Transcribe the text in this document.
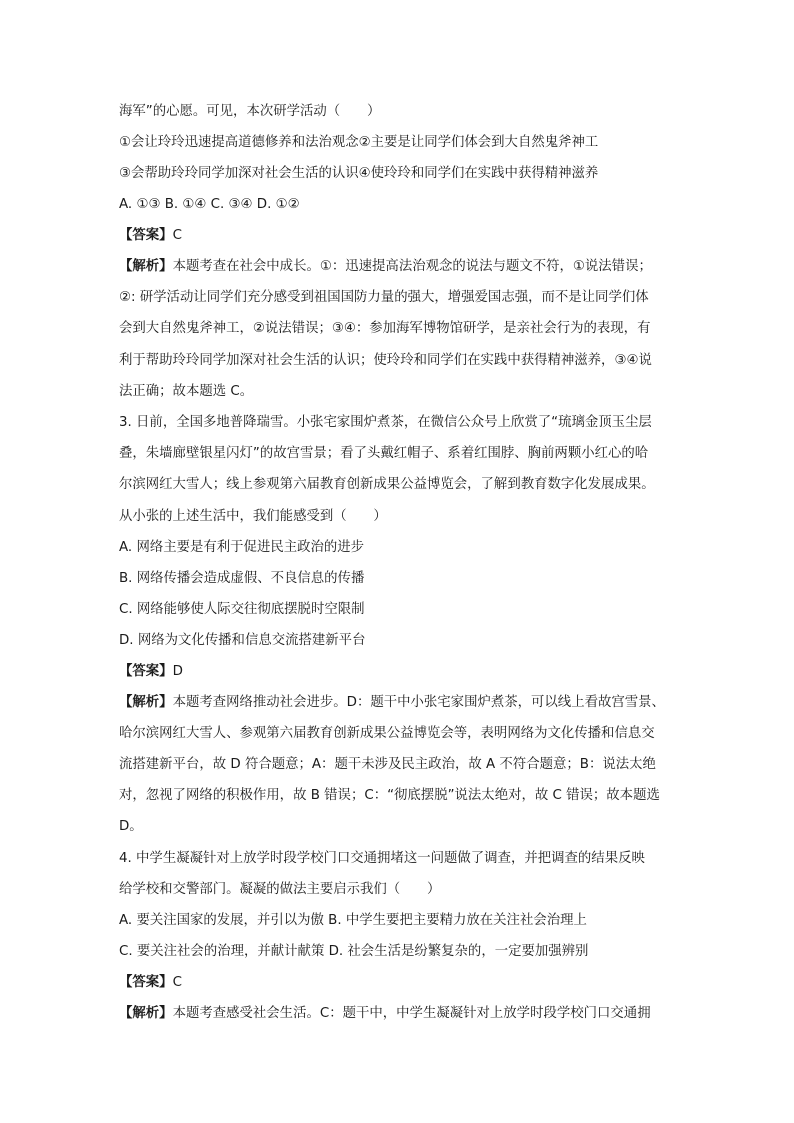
海军”的心愿。可见，本次研学活动（　　）
①会让玲玲迅速提高道德修养和法治观念②主要是让同学们体会到大自然鬼斧神工
③会帮助玲玲同学加深对社会生活的认识④使玲玲和同学们在实践中获得精神滋养
A. ①③ B. ①④ C. ③④ D. ①②
【答案】C
【解析】本题考查在社会中成长。①：迅速提高法治观念的说法与题文不符，①说法错误；
②: 研学活动让同学们充分感受到祖国国防力量的强大，增强爱国志强，而不是让同学们体
会到大自然鬼斧神工，②说法错误；③④：参加海军博物馆研学，是亲社会行为的表现，有
利于帮助玲玲同学加深对社会生活的认识；使玲玲和同学们在实践中获得精神滋养，③④说
法正确；故本题选 C。
3. 日前，全国多地普降瑞雪。小张宅家围炉煮茶，在微信公众号上欣赏了“琉璃金顶玉尘层
叠，朱墙廊壁银星闪灯”的故宫雪景；看了头戴红帽子、系着红围脖、胸前两颗小红心的哈
尔滨网红大雪人；线上参观第六届教育创新成果公益博览会，了解到教育数字化发展成果。
从小张的上述生活中，我们能感受到（　　）
A. 网络主要是有利于促进民主政治的进步
B. 网络传播会造成虚假、不良信息的传播
C. 网络能够使人际交往彻底摆脱时空限制
D. 网络为文化传播和信息交流搭建新平台
【答案】D
【解析】本题考查网络推动社会进步。D：题干中小张宅家围炉煮茶，可以线上看故宫雪景、
哈尔滨网红大雪人、参观第六届教育创新成果公益博览会等，表明网络为文化传播和信息交
流搭建新平台，故 D 符合题意；A：题干未涉及民主政治，故 A 不符合题意；B：说法太绝
对，忽视了网络的积极作用，故 B 错误；C：“彻底摆脱”说法太绝对，故 C 错误；故本题选
D。
4. 中学生凝凝针对上放学时段学校门口交通拥堵这一问题做了调查，并把调查的结果反映
给学校和交警部门。凝凝的做法主要启示我们（　　）
A. 要关注国家的发展，并引以为傲 B. 中学生要把主要精力放在关注社会治理上
C. 要关注社会的治理，并献计献策 D. 社会生活是纷繁复杂的，一定要加强辨别
【答案】C
【解析】本题考查感受社会生活。C：题干中，中学生凝凝针对上放学时段学校门口交通拥
